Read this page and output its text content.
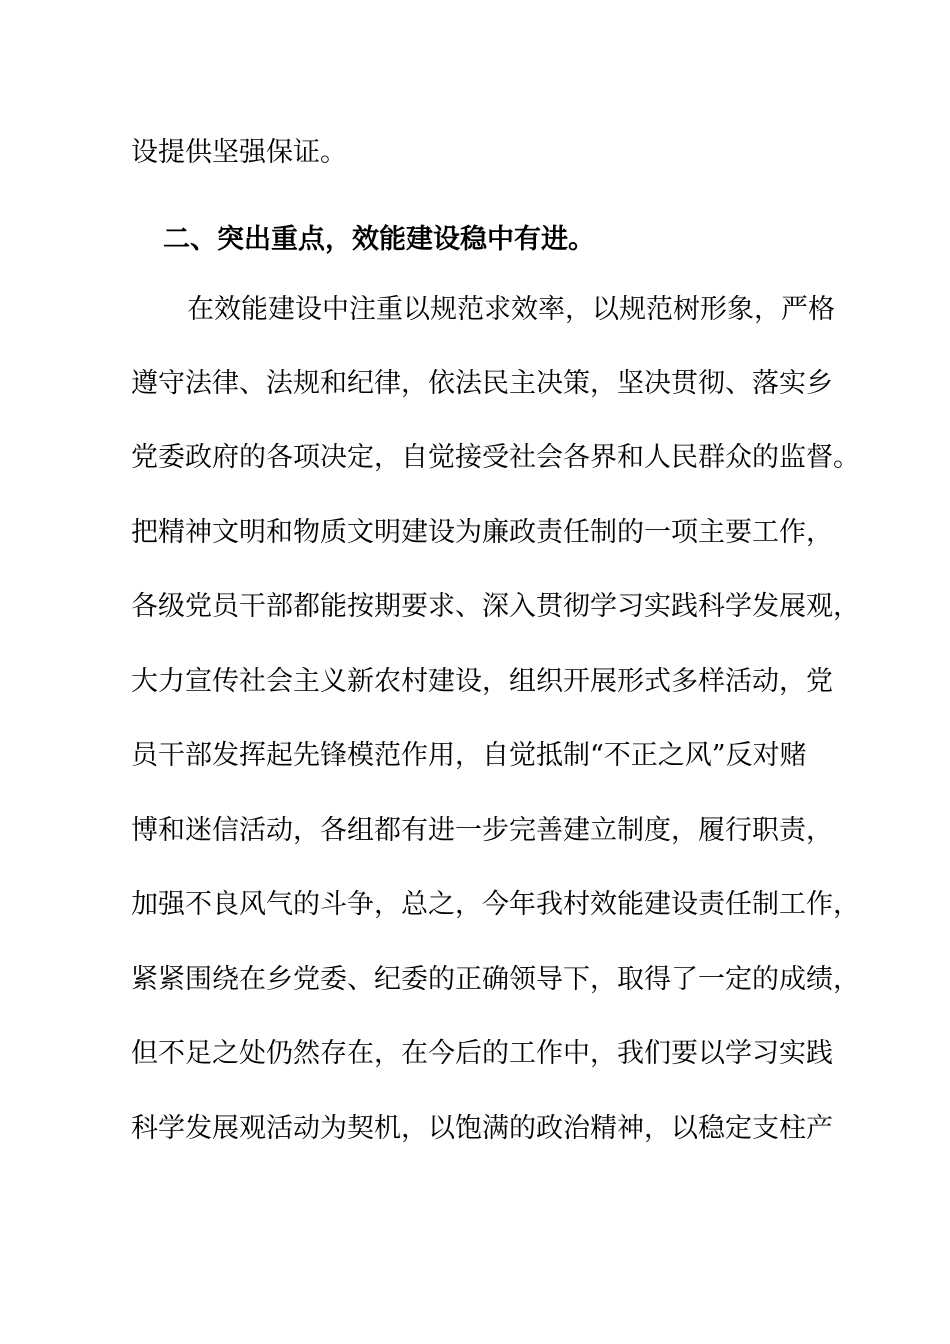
设提供坚强保证。
二、突出重点，效能建设稳中有进。
在效能建设中注重以规范求效率，以规范树形象，严格
遵守法律、法规和纪律，依法民主决策，坚决贯彻、落实乡
党委政府的各项决定，自觉接受社会各界和人民群众的监督。
把精神文明和物质文明建设为廉政责任制的一项主要工作，
各级党员干部都能按期要求、深入贯彻学习实践科学发展观，
大力宣传社会主义新农村建设，组织开展形式多样活动，党
员干部发挥起先锋模范作用，自觉抵制“不正之风”反对赌
博和迷信活动，各组都有进一步完善建立制度，履行职责，
加强不良风气的斗争，总之，今年我村效能建设责任制工作，
紧紧围绕在乡党委、纪委的正确领导下，取得了一定的成绩，
但不足之处仍然存在，在今后的工作中，我们要以学习实践
科学发展观活动为契机，以饱满的政治精神，以稳定支柱产
